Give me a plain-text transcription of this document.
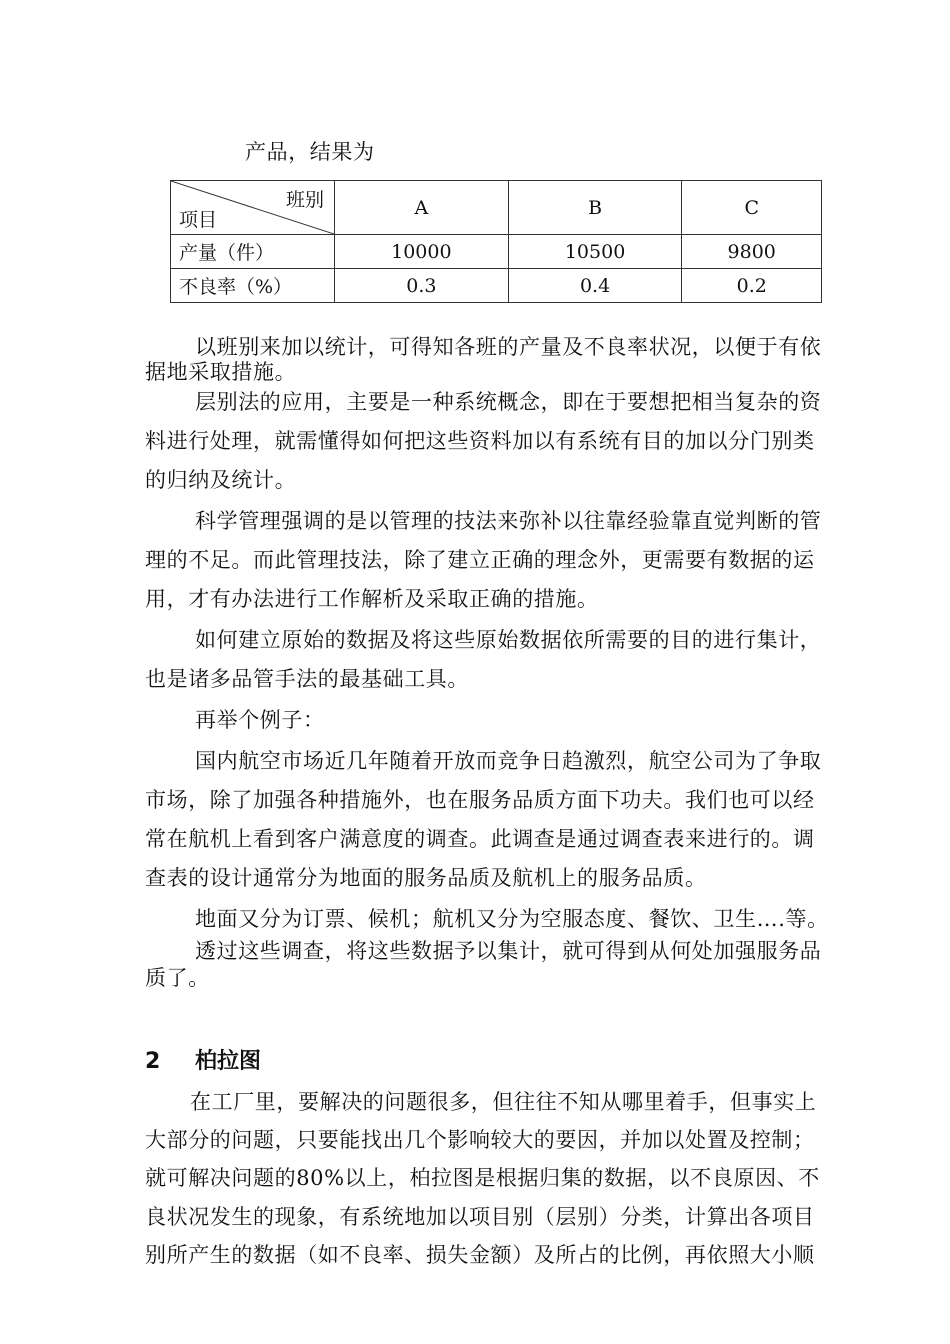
产品，结果为
班别
项目	A	B	C
产量（件）	10000	10500	9800
不良率（%）	0.3	0.4	0.2
以班别来加以统计，可得知各班的产量及不良率状况，以便于有依
据地采取措施。
层别法的应用，主要是一种系统概念，即在于要想把相当复杂的资
料进行处理，就需懂得如何把这些资料加以有系统有目的加以分门别类
的归纳及统计。
科学管理强调的是以管理的技法来弥补以往靠经验靠直觉判断的管
理的不足。而此管理技法，除了建立正确的理念外，更需要有数据的运
用，才有办法进行工作解析及采取正确的措施。
如何建立原始的数据及将这些原始数据依所需要的目的进行集计，
也是诸多品管手法的最基础工具。
再举个例子：
国内航空市场近几年随着开放而竞争日趋激烈，航空公司为了争取
市场，除了加强各种措施外，也在服务品质方面下功夫。我们也可以经
常在航机上看到客户满意度的调查。此调查是通过调查表来进行的。调
查表的设计通常分为地面的服务品质及航机上的服务品质。
地面又分为订票、候机；航机又分为空服态度、餐饮、卫生….等。
透过这些调查，将这些数据予以集计，就可得到从何处加强服务品
质了。
2 柏拉图
在工厂里，要解决的问题很多，但往往不知从哪里着手，但事实上
大部分的问题，只要能找出几个影响较大的要因，并加以处置及控制；
就可解决问题的80%以上，柏拉图是根据归集的数据，以不良原因、不
良状况发生的现象，有系统地加以项目别（层别）分类，计算出各项目
别所产生的数据（如不良率、损失金额）及所占的比例，再依照大小顺
